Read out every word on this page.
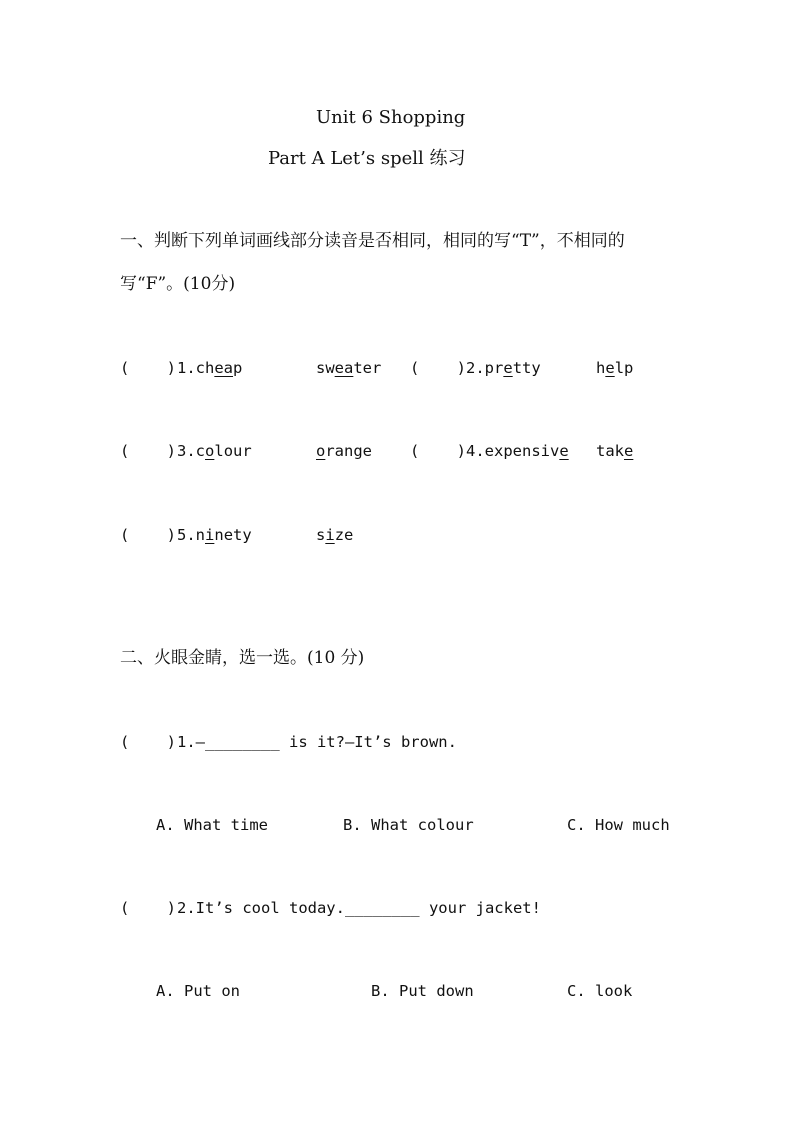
Unit 6 Shopping
Part A Let’s spell 练习
一、判断下列单词画线部分读音是否相同，相同的写“T”，不相同的
写“F”。(10分)
(    ) 1.cheap	sweater (    ) 2.pretty	help
(    ) 3.colour	orange (    ) 4.expensive take
(    ) 5.ninety	size
二、火眼金睛，选一选。(10 分)
(    ) 1.—________ is it?—It’s brown.
A. What time	B. What colour	C. How much
(    ) 2.It’s cool today.________ your jacket!
A. Put on	B. Put down	C. look
